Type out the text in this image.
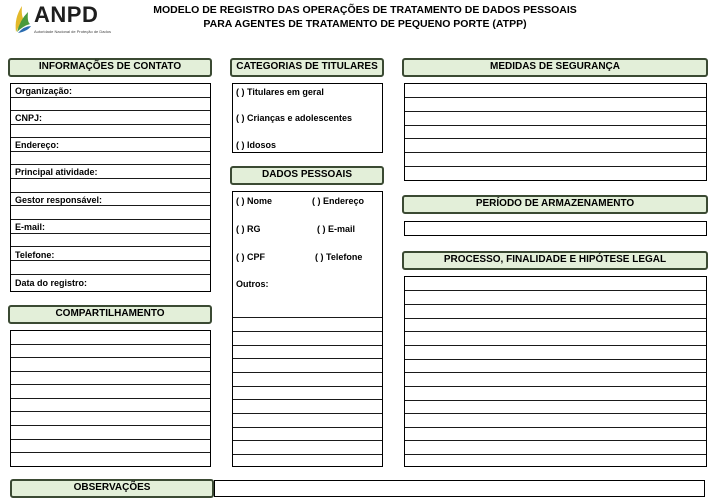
ANPD
Autoridade Nacional de Proteção de Dados
MODELO DE REGISTRO DAS OPERAÇÕES DE TRATAMENTO DE DADOS PESSOAIS
PARA AGENTES DE TRATAMENTO DE PEQUENO PORTE (ATPP)
INFORMAÇÕES DE CONTATO
Organização:
CNPJ:
Endereço:
Principal atividade:
Gestor responsável:
E-mail:
Telefone:
Data do registro:
COMPARTILHAMENTO
OBSERVAÇÕES
CATEGORIAS DE TITULARES
( ) Titulares em geral
( ) Crianças e adolescentes
( ) Idosos
DADOS PESSOAIS
( ) Nome	( ) Endereço
( ) RG	( ) E-mail
( ) CPF	( ) Telefone
Outros:
MEDIDAS DE SEGURANÇA
PERÍODO DE ARMAZENAMENTO
PROCESSO, FINALIDADE E HIPÓTESE LEGAL
